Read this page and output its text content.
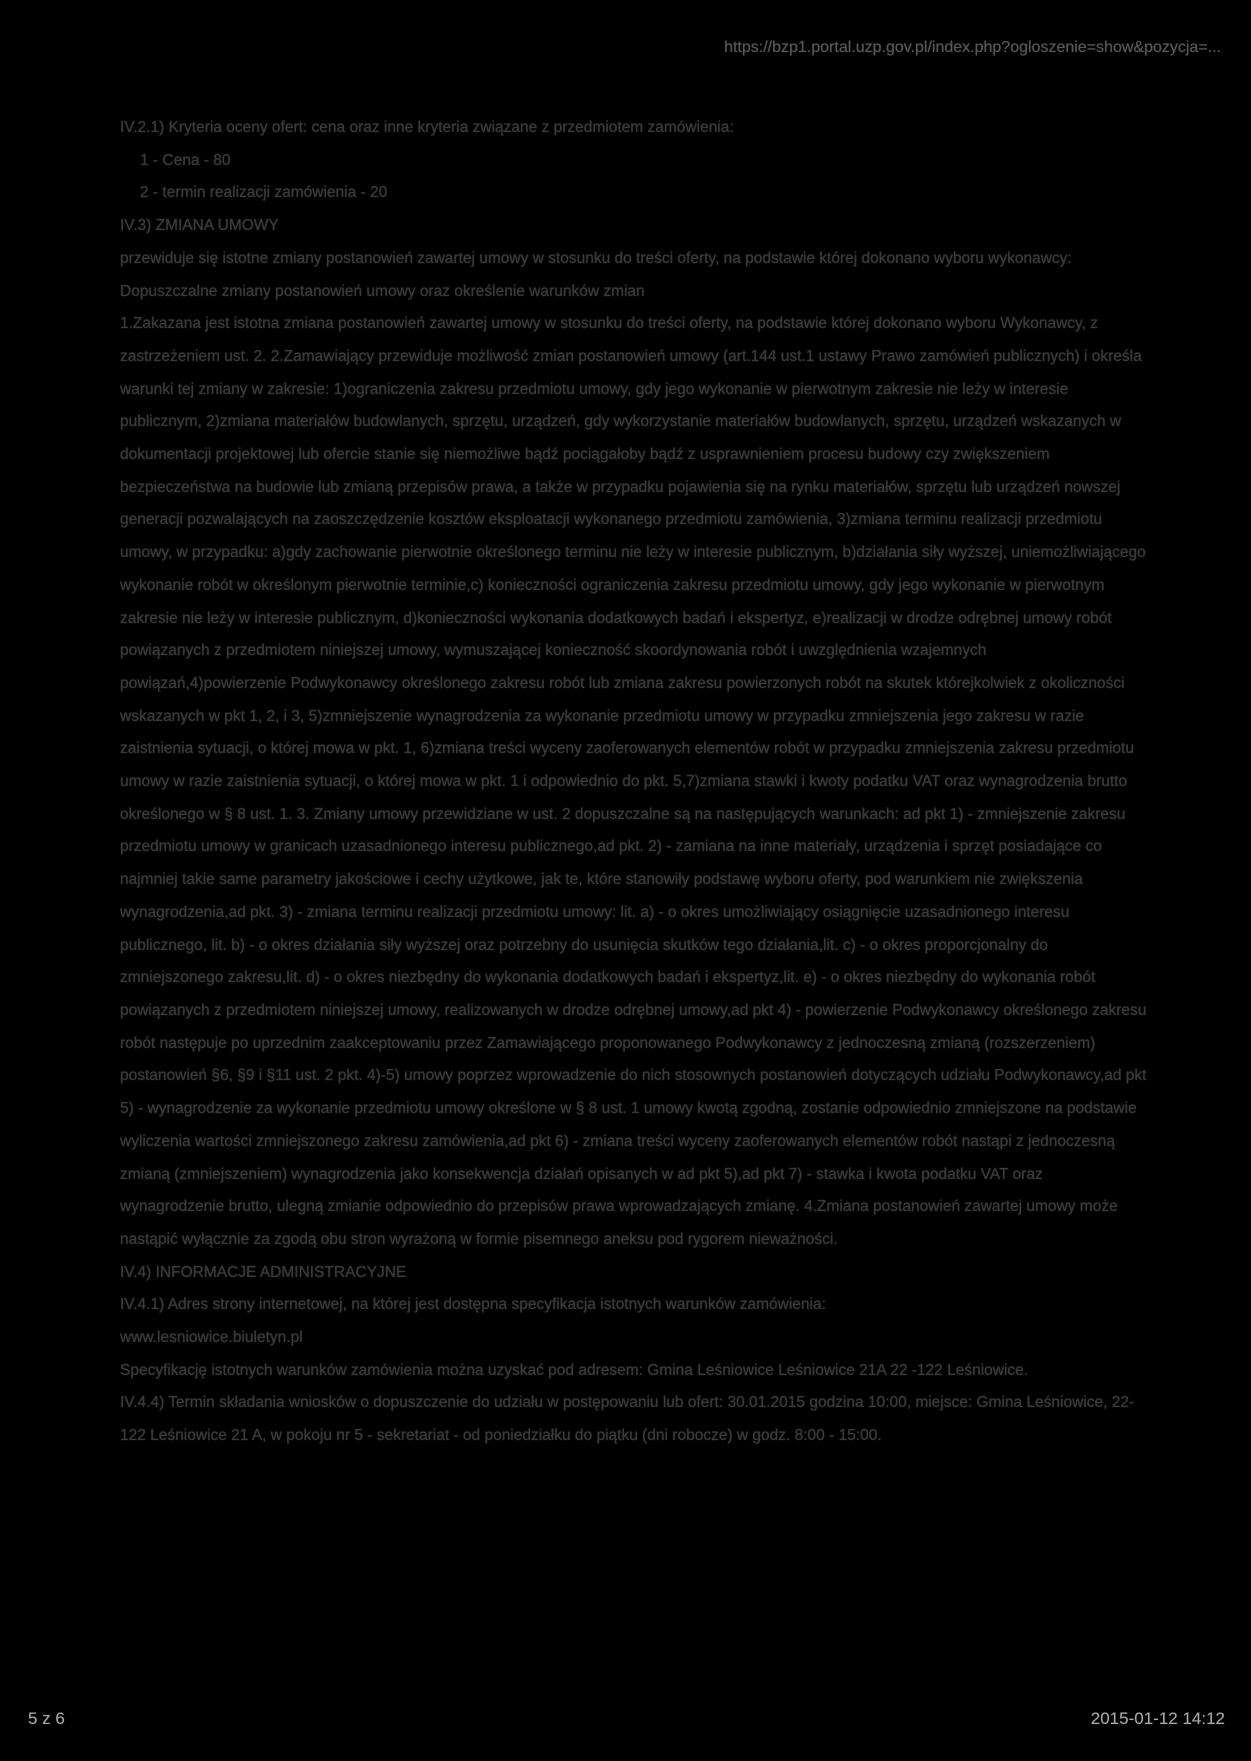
https://bzp1.portal.uzp.gov.pl/index.php?ogloszenie=show&pozycja=...

IV.2.1) Kryteria oceny ofert: cena oraz inne kryteria związane z przedmiotem zamówienia:

1 - Cena - 80

2 - termin realizacji zamówienia - 20

IV.3) ZMIANA UMOWY

przewiduje się istotne zmiany postanowień zawartej umowy w stosunku do treści oferty, na podstawie której dokonano wyboru wykonawcy:

Dopuszczalne zmiany postanowień umowy oraz określenie warunków zmian

1.Zakazana jest istotna zmiana postanowień zawartej umowy w stosunku do treści oferty, na podstawie której dokonano wyboru Wykonawcy, z zastrzeżeniem ust. 2. 2.Zamawiający przewiduje możliwość zmian postanowień umowy (art.144 ust.1 ustawy Prawo zamówień publicznych) i określa warunki tej zmiany w zakresie: 1)ograniczenia zakresu przedmiotu umowy, gdy jego wykonanie w pierwotnym zakresie nie leży w interesie publicznym, 2)zmiana materiałów budowlanych, sprzętu, urządzeń, gdy wykorzystanie materiałów budowlanych, sprzętu, urządzeń wskazanych w dokumentacji projektowej lub ofercie stanie się niemożliwe bądź pociągałoby bądź z usprawnieniem procesu budowy czy zwiększeniem bezpieczeństwa na budowie lub zmianą przepisów prawa, a także w przypadku pojawienia się na rynku materiałów, sprzętu lub urządzeń nowszej generacji pozwalających na zaoszczędzenie kosztów eksploatacji wykonanego przedmiotu zamówienia, 3)zmiana terminu realizacji przedmiotu umowy, w przypadku: a)gdy zachowanie pierwotnie określonego terminu nie leży w interesie publicznym, b)działania siły wyższej, uniemożliwiającego wykonanie robót w określonym pierwotnie terminie,c) konieczności ograniczenia zakresu przedmiotu umowy, gdy jego wykonanie w pierwotnym zakresie nie leży w interesie publicznym, d)konieczności wykonania dodatkowych badań i ekspertyz, e)realizacji w drodze odrębnej umowy robót powiązanych z przedmiotem niniejszej umowy, wymuszającej konieczność skoordynowania robót i uwzględnienia wzajemnych powiązań,4)powierzenie Podwykonawcy określonego zakresu robót lub zmiana zakresu powierzonych robót na skutek którejkolwiek z okoliczności wskazanych w pkt 1, 2, i 3, 5)zmniejszenie wynagrodzenia za wykonanie przedmiotu umowy w przypadku zmniejszenia jego zakresu w razie zaistnienia sytuacji, o której mowa w pkt. 1, 6)zmiana treści wyceny zaoferowanych elementów robót w przypadku zmniejszenia zakresu przedmiotu umowy w razie zaistnienia sytuacji, o której mowa w pkt. 1 i odpowiednio do pkt. 5,7)zmiana stawki i kwoty podatku VAT oraz wynagrodzenia brutto określonego w § 8 ust. 1. 3. Zmiany umowy przewidziane w ust. 2 dopuszczalne są na następujących warunkach: ad pkt 1) - zmniejszenie zakresu przedmiotu umowy w granicach uzasadnionego interesu publicznego,ad pkt. 2) - zamiana na inne materiały, urządzenia i sprzęt posiadające co najmniej takie same parametry jakościowe i cechy użytkowe, jak te, które stanowiły podstawę wyboru oferty, pod warunkiem nie zwiększenia wynagrodzenia,ad pkt. 3) - zmiana terminu realizacji przedmiotu umowy: lit. a) - o okres umożliwiający osiągnięcie uzasadnionego interesu publicznego, lit. b) - o okres działania siły wyższej oraz potrzebny do usunięcia skutków tego działania,lit. c) - o okres proporcjonalny do zmniejszonego zakresu,lit. d) - o okres niezbędny do wykonania dodatkowych badań i ekspertyz,lit. e) - o okres niezbędny do wykonania robót powiązanych z przedmiotem niniejszej umowy, realizowanych w drodze odrębnej umowy,ad pkt 4) - powierzenie Podwykonawcy określonego zakresu robót następuje po uprzednim zaakceptowaniu przez Zamawiającego proponowanego Podwykonawcy z jednoczesną zmianą (rozszerzeniem) postanowień §6, §9 i §11 ust. 2 pkt. 4)-5) umowy poprzez wprowadzenie do nich stosownych postanowień dotyczących udziału Podwykonawcy,ad pkt 5) - wynagrodzenie za wykonanie przedmiotu umowy określone w § 8 ust. 1 umowy kwotą zgodną, zostanie odpowiednio zmniejszone na podstawie wyliczenia wartości zmniejszonego zakresu zamówienia,ad pkt 6) - zmiana treści wyceny zaoferowanych elementów robót nastąpi z jednoczesną zmianą (zmniejszeniem) wynagrodzenia jako konsekwencja działań opisanych w ad pkt 5),ad pkt 7) - stawka i kwota podatku VAT oraz wynagrodzenie brutto, ulegną zmianie odpowiednio do przepisów prawa wprowadzających zmianę. 4.Zmiana postanowień zawartej umowy może nastąpić wyłącznie za zgodą obu stron wyrażoną w formie pisemnego aneksu pod rygorem nieważności.

IV.4) INFORMACJE ADMINISTRACYJNE

IV.4.1) Adres strony internetowej, na której jest dostępna specyfikacja istotnych warunków zamówienia:

www.lesniowice.biuletyn.pl

Specyfikację istotnych warunków zamówienia można uzyskać pod adresem: Gmina Leśniowice Leśniowice 21A 22 -122 Leśniowice.

IV.4.4) Termin składania wniosków o dopuszczenie do udziału w postępowaniu lub ofert: 30.01.2015 godzina 10:00, miejsce: Gmina Leśniowice, 22-122 Leśniowice 21 A, w pokoju nr 5 - sekretariat - od poniedziałku do piątku (dni robocze) w godz. 8:00 - 15:00.

5 z 6	2015-01-12 14:12
